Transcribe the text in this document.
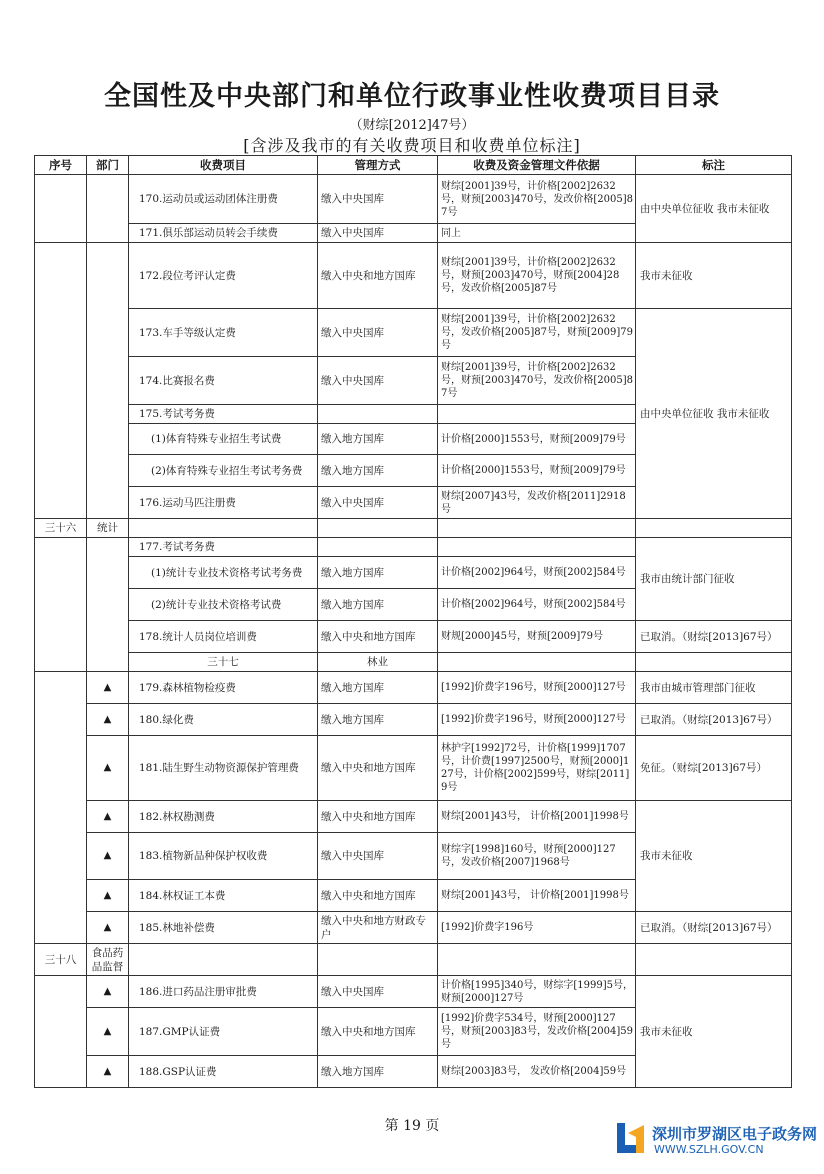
全国性及中央部门和单位行政事业性收费项目目录
（财综[2012]47号）
[含涉及我市的有关收费项目和收费单位标注]
序号	部门	收费项目	管理方式	收费及资金管理文件依据	标注	
		170.运动员或运动团体注册费	缴入中央国库	财综[2001]39号，计价格[2002]2632号，财预[2003]470号，发改价格[2005]87号	由中央单位征收 我市未征收	
		171.俱乐部运动员转会手续费	缴入中央国库	同上		
		172.段位考评认定费	缴入中央和地方国库	财综[2001]39号，计价格[2002]2632号，财预[2003]470号，财预[2004]28号，发改价格[2005]87号	我市未征收	
		173.车手等级认定费	缴入中央国库	财综[2001]39号，计价格[2002]2632号，发改价格[2005]87号，财预[2009]79号	由中央单位征收 我市未征收	
		174.比赛报名费	缴入中央国库	财综[2001]39号，计价格[2002]2632号，财预[2003]470号，发改价格[2005]87号		
		175.考试考务费				
		(1)体育特殊专业招生考试费	缴入地方国库	计价格[2000]1553号，财预[2009]79号		
		(2)体育特殊专业招生考试考务费	缴入地方国库	计价格[2000]1553号，财预[2009]79号		
		176.运动马匹注册费	缴入中央国库	财综[2007]43号，发改价格[2011]2918号		
三十六	统计					
		177.考试考务费			我市由统计部门征收	
		(1)统计专业技术资格考试考务费	缴入地方国库	计价格[2002]964号，财预[2002]584号		
		(2)统计专业技术资格考试费	缴入地方国库	计价格[2002]964号，财预[2002]584号		
		178.统计人员岗位培训费	缴入中央和地方国库	财规[2000]45号，财预[2009]79号	已取消。（财综[2013]67号）	
		三十七	林业				
	▲	179.森林植物检疫费	缴入地方国库	[1992]价费字196号，财预[2000]127号	我市由城市管理部门征收	
	▲	180.绿化费	缴入地方国库	[1992]价费字196号，财预[2000]127号	已取消。（财综[2013]67号）	
	▲	181.陆生野生动物资源保护管理费	缴入中央和地方国库	林护字[1992]72号，计价格[1999]1707号，计价费[1997]2500号，财预[2000]127号，计价格[2002]599号，财综[2011]9号	免征。（财综[2013]67号）	
	▲	182.林权勘测费	缴入中央和地方国库	财综[2001]43号， 计价格[2001]1998号	我市未征收	
	▲	183.植物新品种保护权收费	缴入中央国库	财综字[1998]160号，财预[2000]127号，发改价格[2007]1968号		
	▲	184.林权证工本费	缴入中央和地方国库	财综[2001]43号， 计价格[2001]1998号		
	▲	185.林地补偿费	缴入中央和地方财政专户	[1992]价费字196号	已取消。（财综[2013]67号）	
三十八	食品药品监督					
	▲	186.进口药品注册审批费	缴入中央国库	计价格[1995]340号，财综字[1999]5号， 财预[2000]127号	我市未征收	
	▲	187.GMP认证费	缴入中央和地方国库	[1992]价费字534号，财预[2000]127号，财预[2003]83号，发改价格[2004]59号		
	▲	188.GSP认证费	缴入地方国库	财综[2003]83号， 发改价格[2004]59号		
第 19 页	深圳市罗湖区电子政务网
WWW.SZLH.GOV.CN
